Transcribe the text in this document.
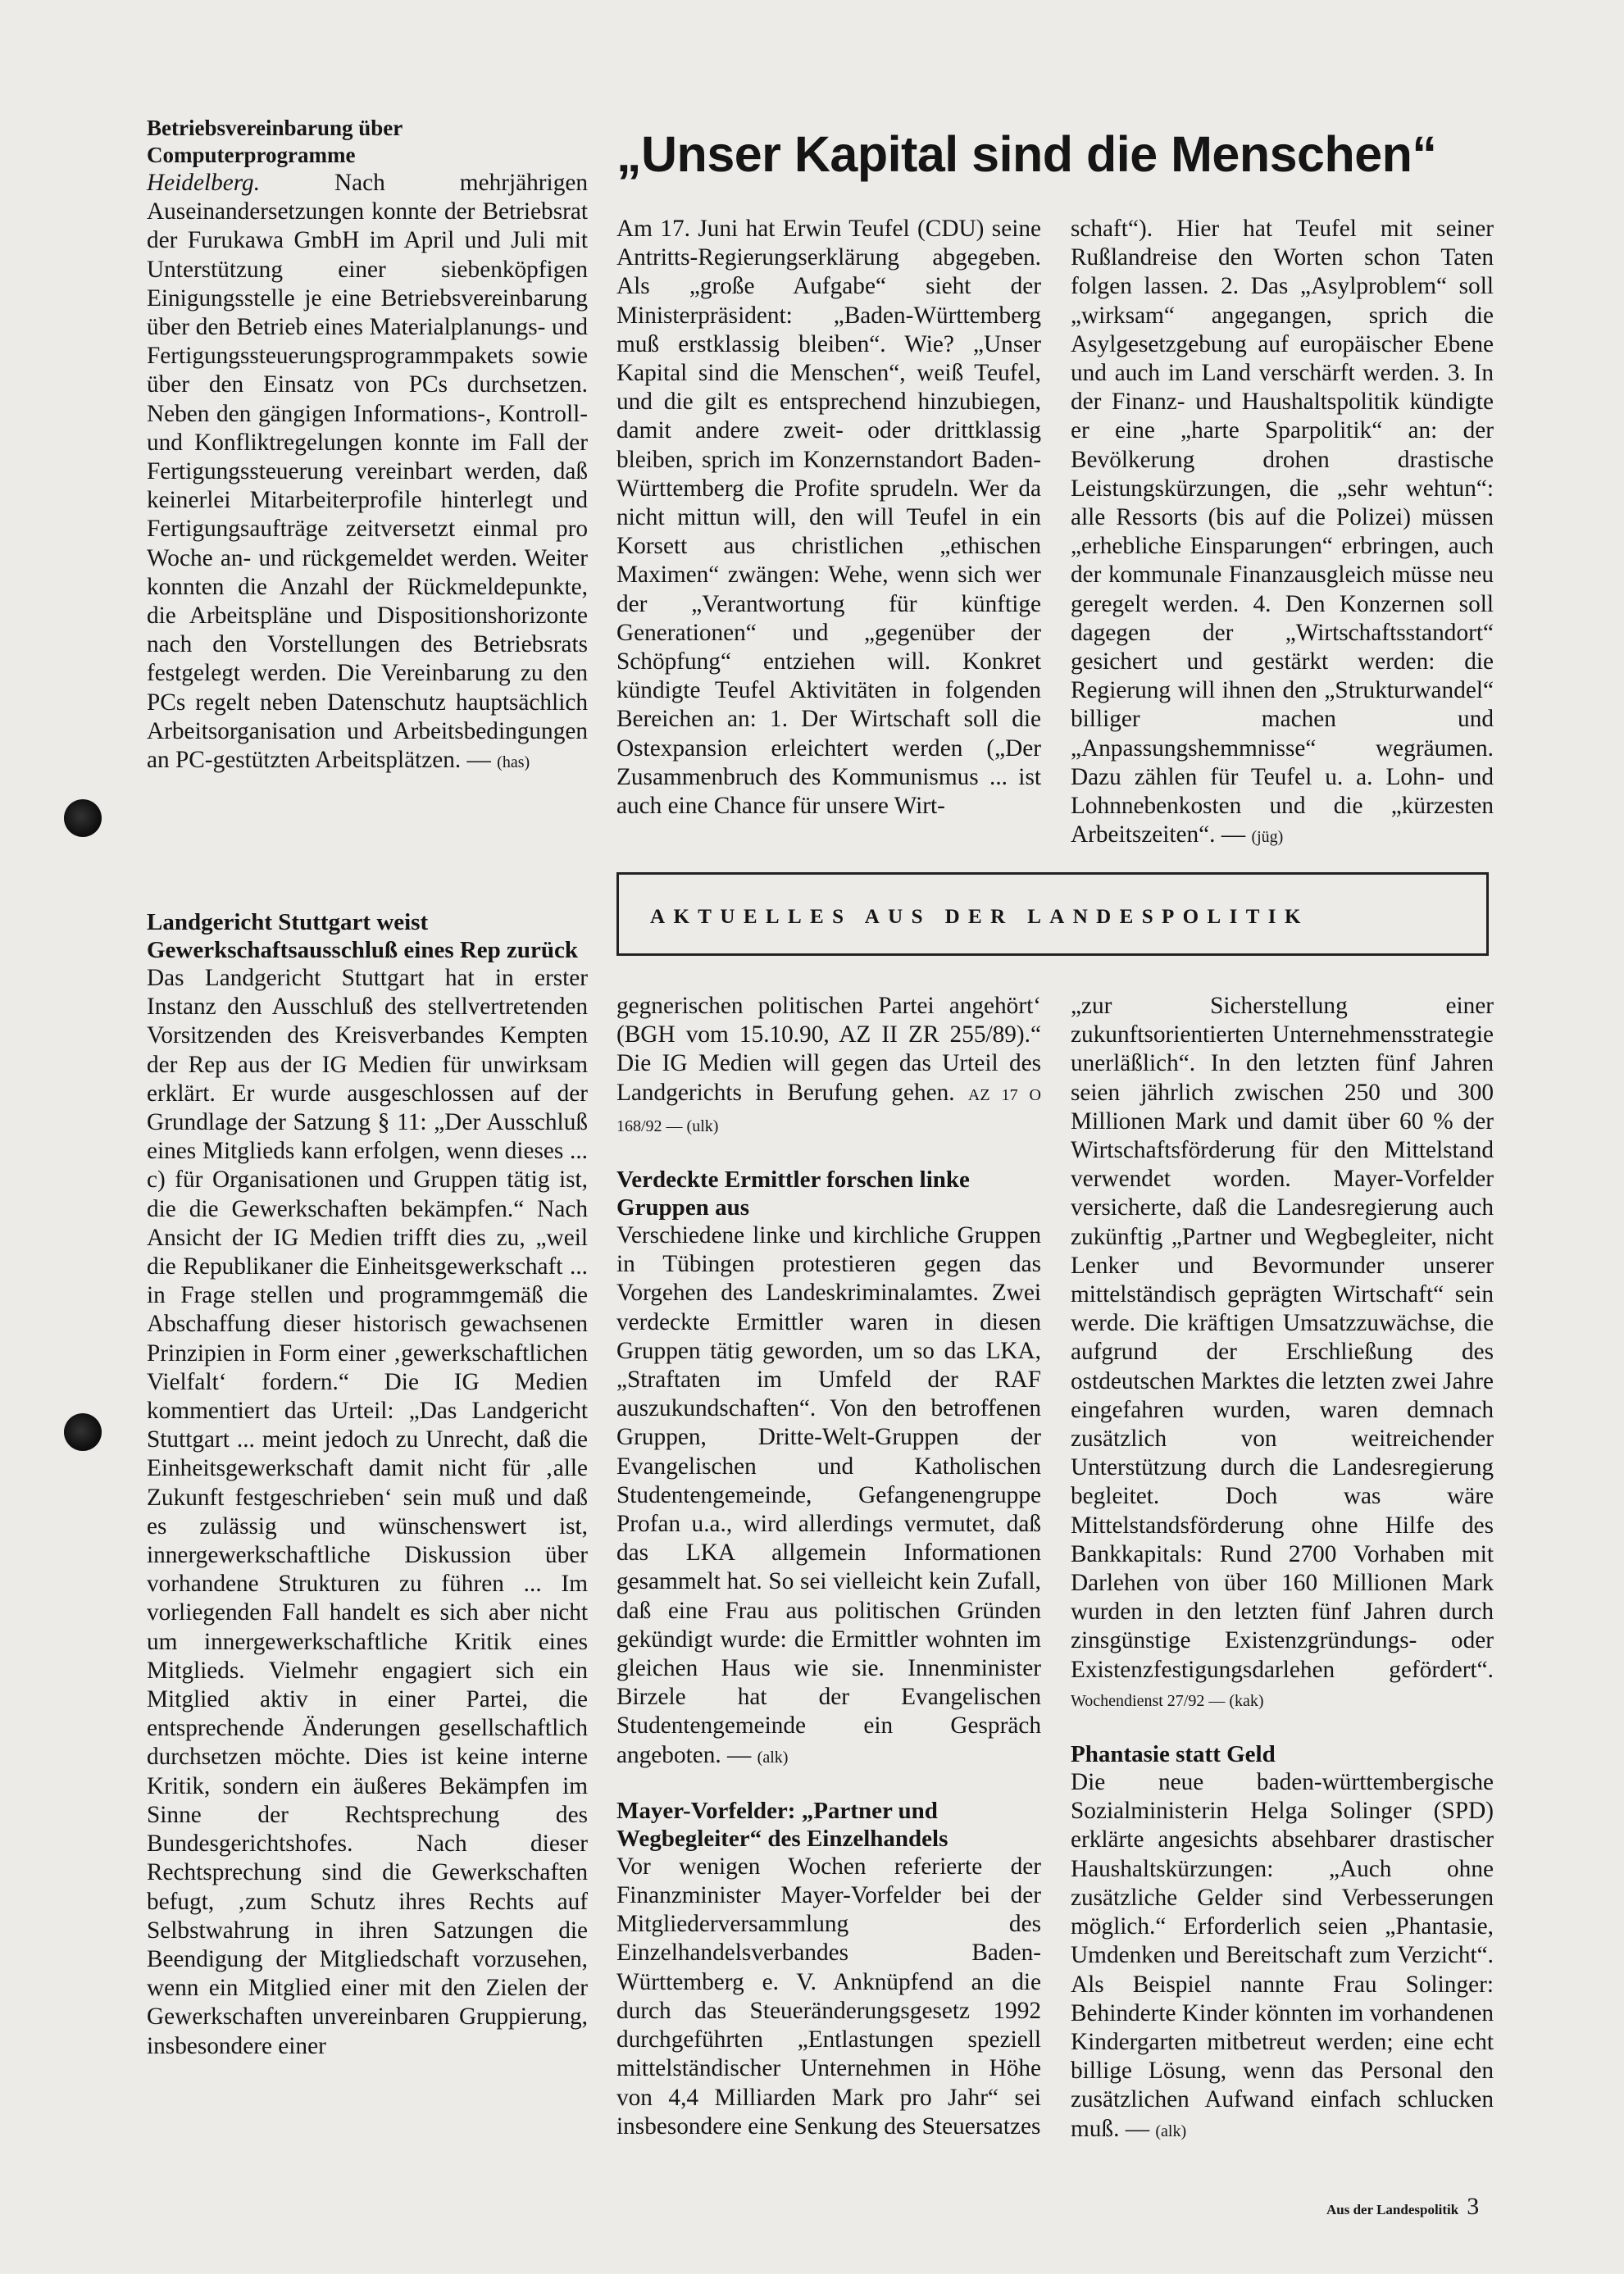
Betriebsvereinbarung über Computerprogramme

Heidelberg.	Nach mehrjährigen Auseinandersetzungen konnte der Betriebsrat der Furukawa GmbH im April und Juli mit Unterstützung einer siebenköpfigen Einigungsstelle je eine Betriebsvereinbarung über den Betrieb eines Materialplanungs- und Fertigungssteuerungsprogrammpakets sowie über den Einsatz von PCs durchsetzen. Neben den gängigen Informations-, Kontroll- und Konfliktregelungen konnte im Fall der Fertigungssteuerung vereinbart werden, daß keinerlei Mitarbeiterprofile hinterlegt und Fertigungsaufträge zeitversetzt einmal pro Woche an- und rückgemeldet werden. Weiter konnten die Anzahl der Rückmeldepunkte, die Arbeitspläne und Dispositionshorizonte nach den Vorstellungen des Betriebsrats festgelegt werden. Die Vereinbarung zu den PCs regelt neben Datenschutz hauptsächlich Arbeitsorganisation und Arbeitsbedingungen an PC-gestützten Arbeitsplätzen. — (has)

Landgericht Stuttgart weist Gewerkschaftsausschluß eines Rep zurück

Das Landgericht Stuttgart hat in erster Instanz den Ausschluß des stellvertretenden Vorsitzenden des Kreisverbandes Kempten der Rep aus der IG Medien für unwirksam erklärt. Er wurde ausgeschlossen auf der Grundlage der Satzung § 11: „Der Ausschluß eines Mitglieds kann erfolgen, wenn dieses ... c) für Organisationen und Gruppen tätig ist, die die Gewerkschaften bekämpfen.“ Nach Ansicht der IG Medien trifft dies zu, „weil die Republikaner die Einheitsgewerkschaft ... in Frage stellen und programmgemäß die Abschaffung dieser historisch gewachsenen Prinzipien in Form einer ‚gewerkschaftlichen Vielfalt‘ fordern.“ Die IG Medien kommentiert das Urteil: „Das Landgericht Stuttgart ... meint jedoch zu Unrecht, daß die Einheitsgewerkschaft damit nicht für ‚alle Zukunft festgeschrieben‘ sein muß und daß es zulässig und wünschenswert ist, innergewerkschaftliche Diskussion über vorhandene Strukturen zu führen ... Im vorliegenden Fall handelt es sich aber nicht um innergewerkschaftliche Kritik eines Mitglieds. Vielmehr engagiert sich ein Mitglied aktiv in einer Partei, die entsprechende Änderungen gesellschaftlich durchsetzen möchte. Dies ist keine interne Kritik, sondern ein äußeres Bekämpfen im Sinne der Rechtsprechung des Bundesgerichtshofes. Nach dieser Rechtsprechung sind die Gewerkschaften befugt, ‚zum Schutz ihres Rechts auf Selbstwahrung in ihren Satzungen die Beendigung der Mitgliedschaft vorzusehen, wenn ein Mitglied einer mit den Zielen der Gewerkschaften unvereinbaren Gruppierung, insbesondere einer

„Unser Kapital sind die Menschen“

Am 17. Juni hat Erwin Teufel (CDU) seine Antritts-Regierungserklärung abgegeben. Als „große Aufgabe“ sieht der Ministerpräsident: „Baden-Württemberg muß erstklassig bleiben“. Wie? „Unser Kapital sind die Menschen“, weiß Teufel, und die gilt es entsprechend hinzubiegen, damit andere zweit- oder drittklassig bleiben, sprich im Konzernstandort Baden-Württemberg die Profite sprudeln. Wer da nicht mittun will, den will Teufel in ein Korsett aus christlichen „ethischen Maximen“ zwängen: Wehe, wenn sich wer der „Verantwortung für künftige Generationen“ und „gegenüber der Schöpfung“ entziehen will. Konkret kündigte Teufel Aktivitäten in folgenden Bereichen an: 1. Der Wirtschaft soll die Ostexpansion erleichtert werden („Der Zusammenbruch des Kommunismus ... ist auch eine Chance für unsere Wirt-

schaft“). Hier hat Teufel mit seiner Rußlandreise den Worten schon Taten folgen lassen. 2. Das „Asylproblem“ soll „wirksam“ angegangen, sprich die Asylgesetzgebung auf europäischer Ebene und auch im Land verschärft werden. 3. In der Finanz- und Haushaltspolitik kündigte er eine „harte Sparpolitik“ an: der Bevölkerung drohen drastische Leistungskürzungen, die „sehr wehtun“: alle Ressorts (bis auf die Polizei) müssen „erhebliche Einsparungen“ erbringen, auch der kommunale Finanzausgleich müsse neu geregelt werden. 4. Den Konzernen soll dagegen der „Wirtschaftsstandort“ gesichert und gestärkt werden: die Regierung will ihnen den „Strukturwandel“ billiger machen und „Anpassungshemmnisse“ wegräumen. Dazu zählen für Teufel u. a. Lohn- und Lohnnebenkosten und die „kürzesten Arbeitszeiten“. — (jüg)

AKTUELLES AUS DER LANDESPOLITIK

gegnerischen politischen Partei angehört‘ (BGH vom 15.10.90, AZ II ZR 255/89).“ Die IG Medien will gegen das Urteil des Landgerichts in Berufung gehen. AZ 17 O 168/92 — (ulk)

Verdeckte Ermittler forschen linke Gruppen aus

Verschiedene linke und kirchliche Gruppen in Tübingen protestieren gegen das Vorgehen des Landeskriminalamtes. Zwei verdeckte Ermittler waren in diesen Gruppen tätig geworden, um so das LKA, „Straftaten im Umfeld der RAF auszukundschaften“. Von den betroffenen Gruppen, Dritte-Welt-Gruppen der Evangelischen und Katholischen Studentengemeinde, Gefangenengruppe Profan u.a., wird allerdings vermutet, daß das LKA allgemein Informationen gesammelt hat. So sei vielleicht kein Zufall, daß eine Frau aus politischen Gründen gekündigt wurde: die Ermittler wohnten im gleichen Haus wie sie. Innenminister Birzele hat der Evangelischen Studentengemeinde ein Gespräch angeboten. — (alk)

Mayer-Vorfelder: „Partner und Wegbegleiter“ des Einzelhandels

Vor wenigen Wochen referierte der Finanzminister Mayer-Vorfelder bei der Mitgliederversammlung des Einzelhandelsverbandes Baden-Württemberg e. V. Anknüpfend an die durch das Steueränderungsgesetz 1992 durchgeführten „Entlastungen speziell mittelständischer Unternehmen in Höhe von 4,4 Milliarden Mark pro Jahr“ sei insbesondere eine Senkung des Steuersatzes

„zur Sicherstellung einer zukunftsorientierten Unternehmensstrategie unerläßlich“. In den letzten fünf Jahren seien jährlich zwischen 250 und 300 Millionen Mark und damit über 60 % der Wirtschaftsförderung für den Mittelstand verwendet worden. Mayer-Vorfelder versicherte, daß die Landesregierung auch zukünftig „Partner und Wegbegleiter, nicht Lenker und Bevormunder unserer mittelständisch geprägten Wirtschaft“ sein werde. Die kräftigen Umsatzzuwächse, die aufgrund der Erschließung des ostdeutschen Marktes die letzten zwei Jahre eingefahren wurden, waren demnach zusätzlich von weitreichender Unterstützung durch die Landesregierung begleitet. Doch was wäre Mittelstandsförderung ohne Hilfe des Bankkapitals: Rund 2700 Vorhaben mit Darlehen von über 160 Millionen Mark wurden in den letzten fünf Jahren durch zinsgünstige Existenzgründungs- oder Existenzfestigungsdarlehen gefördert“. Wochendienst 27/92 — (kak)

Phantasie statt Geld

Die neue baden-württembergische Sozialministerin Helga Solinger (SPD) erklärte angesichts absehbarer drastischer Haushaltskürzungen: „Auch ohne zusätzliche Gelder sind Verbesserungen möglich.“ Erforderlich seien „Phantasie, Umdenken und Bereitschaft zum Verzicht“. Als Beispiel nannte Frau Solinger: Behinderte Kinder könnten im vorhandenen Kindergarten mitbetreut werden; eine echt billige Lösung, wenn das Personal den zusätzlichen Aufwand einfach schlucken muß. — (alk)

Aus der Landespolitik 3
